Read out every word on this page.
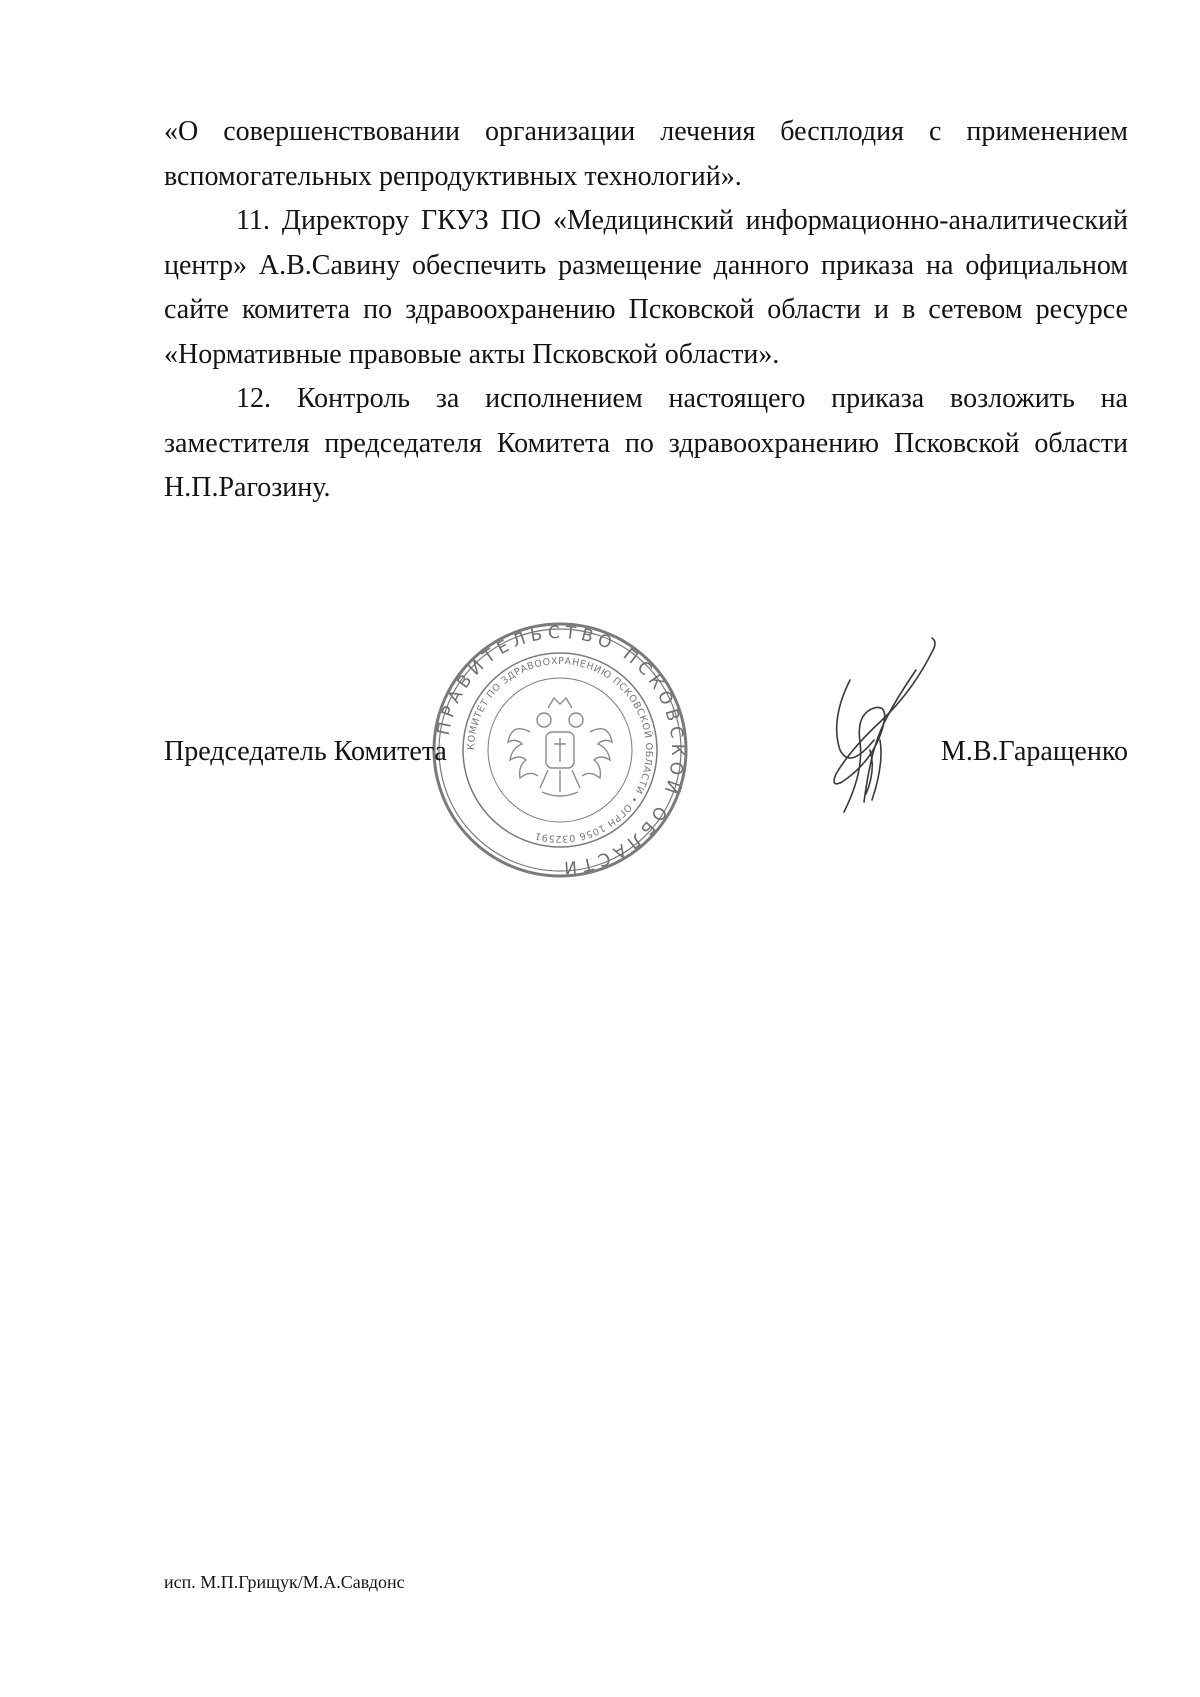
«О совершенствовании организации лечения бесплодия с применением вспомогательных репродуктивных технологий».

11. Директору ГКУЗ ПО «Медицинский информационно-аналитический центр» А.В.Савину обеспечить размещение данного приказа на официальном сайте комитета по здравоохранению Псковской области и в сетевом ресурсе «Нормативные правовые акты Псковской области».

12. Контроль за исполнением настоящего приказа возложить на заместителя председателя Комитета по здравоохранению Псковской области Н.П.Рагозину.

ПРАВИТЕЛЬСТВО ПСКОВСКОЙ ОБЛАСТИ
КОМИТЕТ ПО ЗДРАВООХРАНЕНИЮ ПСКОВСКОЙ ОБЛАСТИ • ОГРН 1056 032591
Председатель Комитета	М.В.Гаращенко
исп. М.П.Грищук/М.А.Савдонс
